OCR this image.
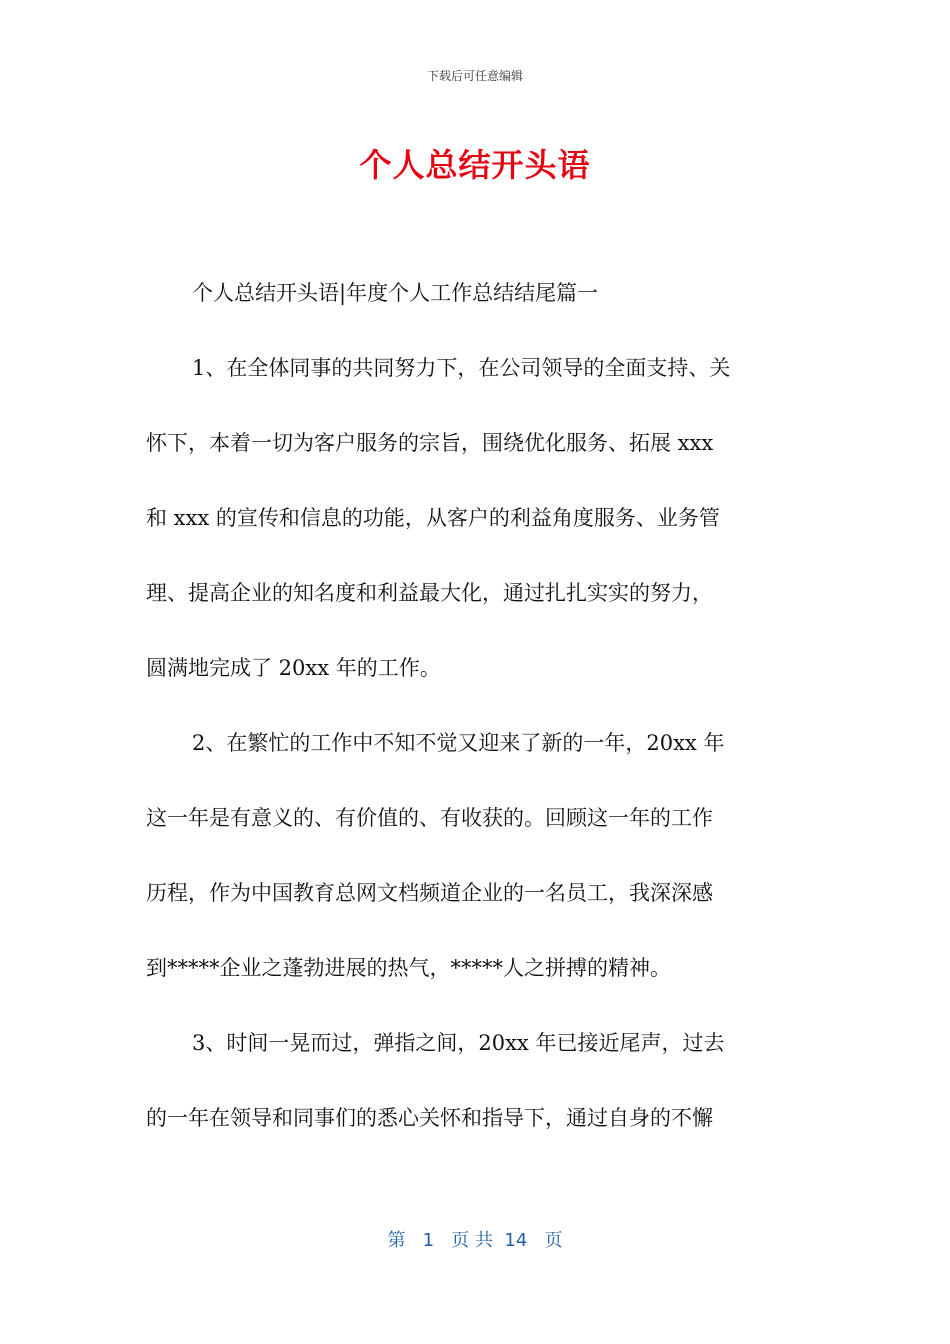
下载后可任意编辑
个人总结开头语
个人总结开头语|年度个人工作总结结尾篇一
1、在全体同事的共同努力下，在公司领导的全面支持、关
怀下，本着一切为客户服务的宗旨，围绕优化服务、拓展 xxx
和 xxx 的宣传和信息的功能，从客户的利益角度服务、业务管
理、提高企业的知名度和利益最大化，通过扎扎实实的努力，
圆满地完成了 20xx 年的工作。
2、在繁忙的工作中不知不觉又迎来了新的一年，20xx 年
这一年是有意义的、有价值的、有收获的。回顾这一年的工作
历程，作为中国教育总网文档频道企业的一名员工，我深深感
到*****企业之蓬勃进展的热气，*****人之拼搏的精神。
3、时间一晃而过，弹指之间，20xx 年已接近尾声，过去
的一年在领导和同事们的悉心关怀和指导下，通过自身的不懈
第   1   页 共  14   页
